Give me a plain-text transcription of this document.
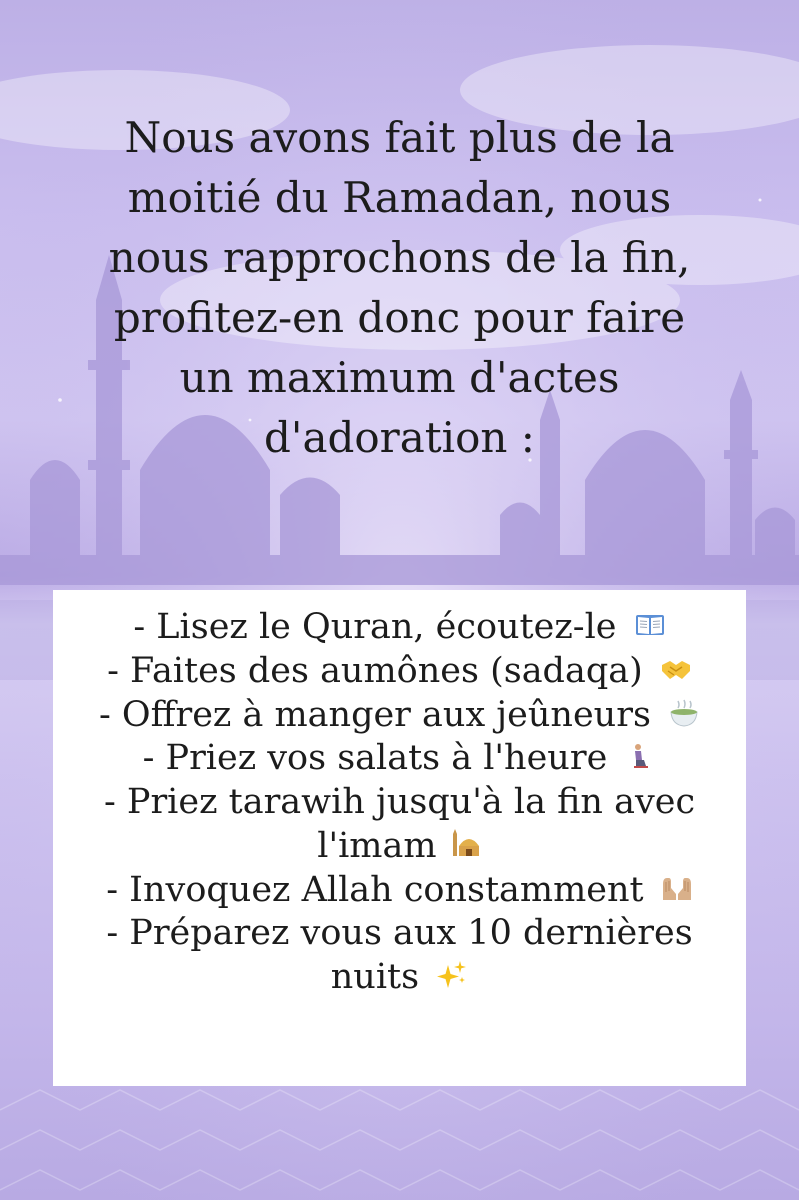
Nous avons fait plus de la
moitié du Ramadan, nous
nous rapprochons de la fin,
profitez-en donc pour faire
un maximum d'actes
d'adoration :
- Lisez le Quran, écoutez-le
- Faites des aumônes (sadaqa)
- Offrez à manger aux jeûneurs
- Priez vos salats à l'heure
- Priez tarawih jusqu'à la fin avec
l'imam
- Invoquez Allah constamment
- Préparez vous aux 10 dernières
nuits
